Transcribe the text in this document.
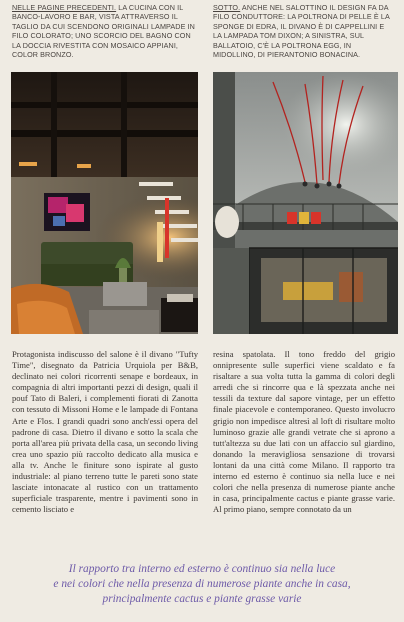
NELLE PAGINE PRECEDENTI. LA CUCINA CON IL BANCO-LAVORO E BAR, VISTA ATTRAVERSO IL TAGLIO DA CUI SCENDONO ORIGINALI LAMPADE IN FILO COLORATO; UNO SCORCIO DEL BAGNO CON LA DOCCIA RIVESTITA CON MOSAICO APPIANI, COLOR BRONZO.
SOTTO. ANCHE NEL SALOTTINO IL DESIGN FA DA FILO CONDUTTORE: LA POLTRONA DI PELLE È LA SPONGE DI EDRA, IL DIVANO È DI CAPPELLINI E LA LAMPADA TOM DIXON; A SINISTRA, SUL BALLATOIO, C'È LA POLTRONA EGG, IN MIDOLLINO, DI PIERANTONIO BONACINA.
Protagonista indiscusso del salone è il divano "Tufty Time", disegnato da Patricia Urquiola per B&B, declinato nei colori ricorrenti senape e bordeaux, in compagnia di altri importanti pezzi di design, quali il pouf Tato di Baleri, i complementi fiorati di Zanotta con tessuto di Missoni Home e le lampade di Fontana Arte e Flos. I grandi quadri sono anch'essi opera del padrone di casa. Dietro il divano e sotto la scala che porta all'area più privata della casa, un secondo living crea uno spazio più raccolto dedicato alla musica e alla tv. Anche le finiture sono ispirate al gusto industriale: al piano terreno tutte le pareti sono state lasciate intonacate al rustico con un trattamento superficiale trasparente, mentre i pavimenti sono in cemento lisciato e
resina spatolata. Il tono freddo del grigio onnipresente sulle superfici viene scaldato e fa risaltare a sua volta tutta la gamma di colori degli arredi che si rincorre qua e là spezzata anche nei tessili da texture dal sapore vintage, per un effetto finale piacevole e contemporaneo. Questo involucro grigio non impedisce altresì al loft di risultare molto luminoso grazie alle grandi vetrate che si aprono a tutt'altezza su due lati con un affaccio sul giardino, donando la meravigliosa sensazione di trovarsi lontani da una città come Milano. Il rapporto tra interno ed esterno è continuo sia nella luce e nei colori che nella presenza di numerose piante anche in casa, principalmente cactus e piante grasse varie. Al primo piano, sempre connotato da un
Il rapporto tra interno ed esterno è continuo sia nella luce
e nei colori che nella presenza di numerose piante anche in casa,
principalmente cactus e piante grasse varie
